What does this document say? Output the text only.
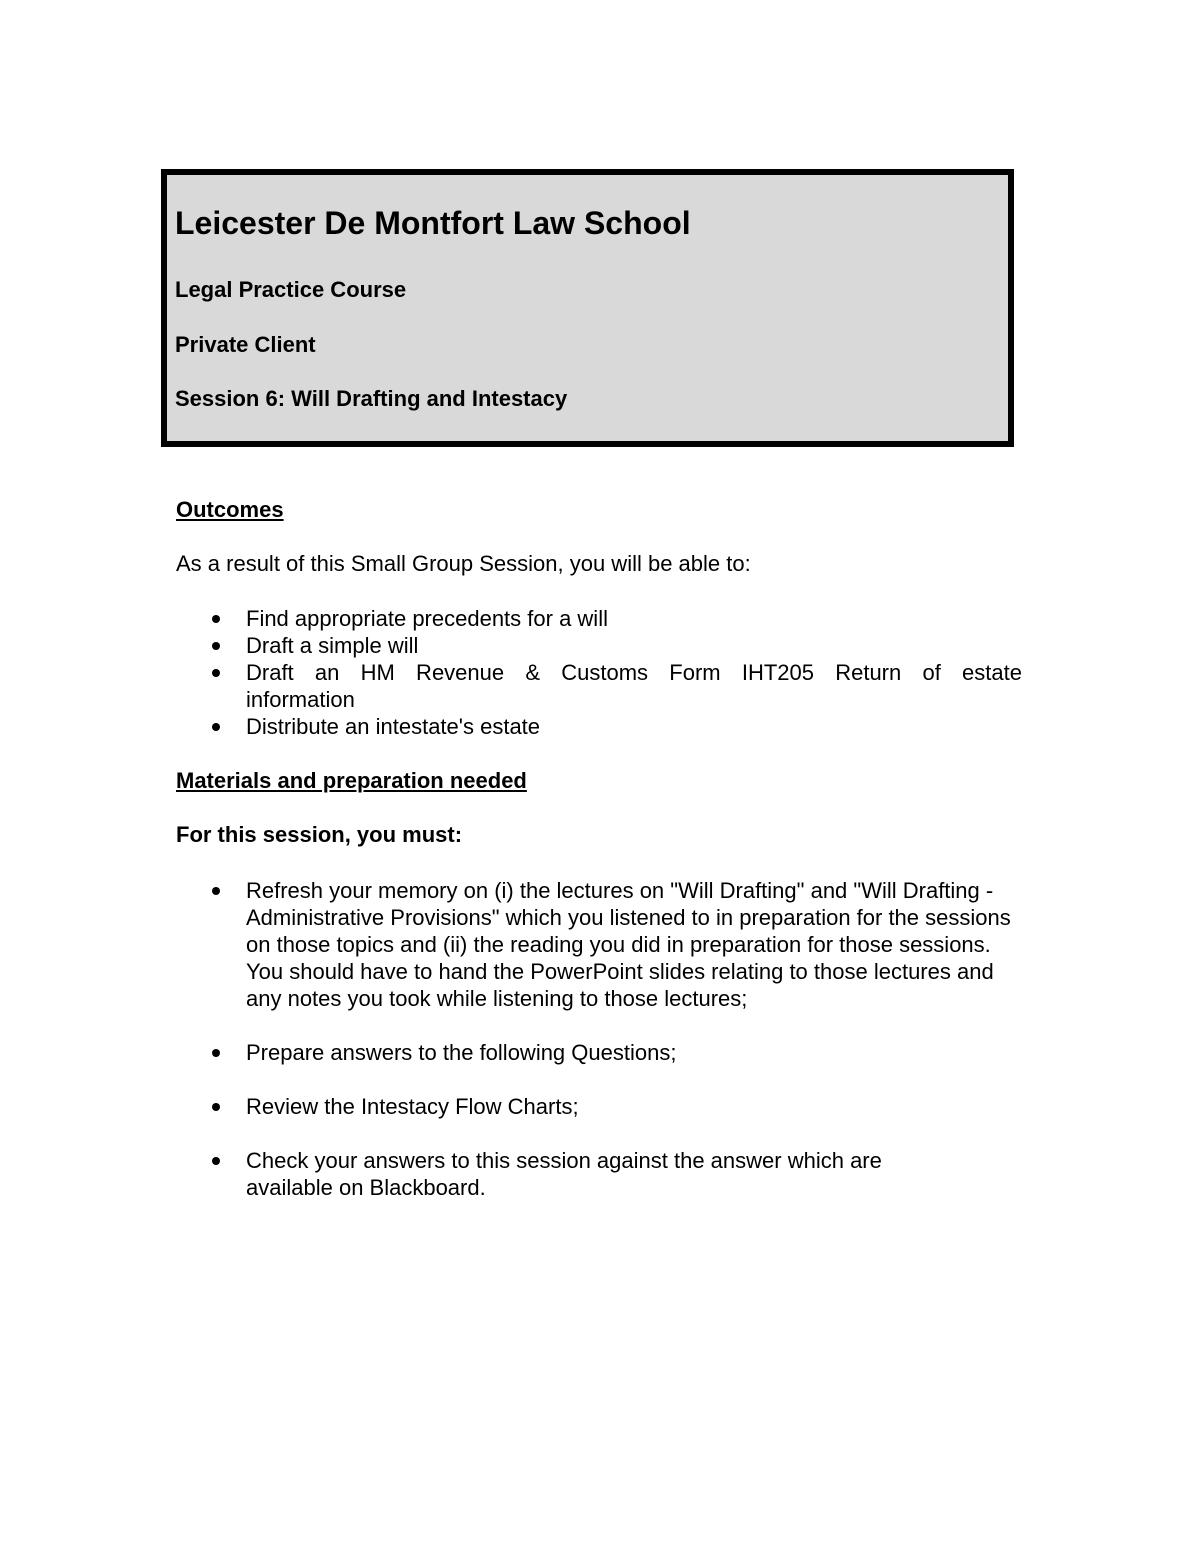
Leicester De Montfort Law School
Legal Practice Course
Private Client
Session 6: Will Drafting and Intestacy
Outcomes
As a result of this Small Group Session, you will be able to:
Find appropriate precedents for a will
Draft a simple will
Draft an HM Revenue & Customs Form IHT205 Return of estate
information
Distribute an intestate's estate
Materials and preparation needed
For this session, you must:
Refresh your memory on (i) the lectures on "Will Drafting" and "Will Drafting - Administrative Provisions" which you listened to in preparation for the sessions on those topics and (ii) the reading you did in preparation for those sessions. You should have to hand the PowerPoint slides relating to those lectures and any notes you took while listening to those lectures;
Prepare answers to the following Questions;
Review the Intestacy Flow Charts;
Check your answers to this session against the answer which are available on Blackboard.
